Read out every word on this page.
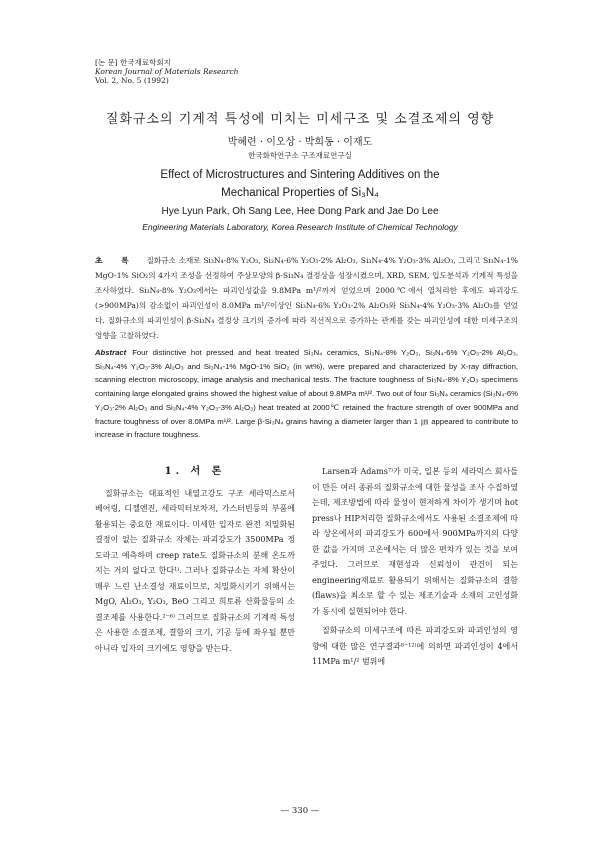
[논 문] 한국재료학회지
Korean Journal of Materials Research
Vol. 2, No. 5 (1992)
질화규소의 기계적 특성에 미치는 미세구조 및 소결조제의 영향
박혜련 · 이오상 · 박희동 · 이재도
한국화학연구소 구조재료연구실
Effect of Microstructures and Sintering Additives on the
Mechanical Properties of Si₃N₄
Hye Lyun Park, Oh Sang Lee, Hee Dong Park and Jae Do Lee
Engineering Materials Laboratory, Korea Research Institute of Chemical Technology
초 록 질화규소 소재로 Si₃N₄-8% Y₂O₃, Si₃N₄-6% Y₂O₃-2% Al₂O₃, Si₃N₄-4% Y₂O₃-3% Al₂O₃, 그리고 Si₃N₄-1% MgO-1% SiO₂의 4가지 조성을 선정하여 주상모양의 β-Si₃N₄ 결정상을 성장시켰으며, XRD, SEM, 입도분석과 기계적 특성을 조사하였다. Si₃N₄-8% Y₂O₃에서는 파괴인성값을 9.8MPa m¹/²까지 얻었으며 2000℃에서 열처리한 후에도 파괴강도(>900MPa)의 감소없이 파괴인성이 8.0MPa m¹/²이상인 Si₃N₄-6% Y₂O₃-2% Al₂O₃와 Si₃N₄-4% Y₂O₃-3% Al₂O₃를 얻었다. 질화규소의 파괴인성이 β-Si₃N₄ 결정상 크기의 증가에 따라 직선적으로 증가하는 관계를 갖는 파괴인성에 대한 미세구조의 영향을 고찰하였다.
Abstract Four distinctive hot pressed and heat treated Si₃N₄ ceramics, Si₃N₄-8% Y₂O₃, Si₃N₄-6% Y₂O₃-2% Al₂O₃, Si₃N₄-4% Y₂O₃-3% Al₂O₃ and Si₃N₄-1% MgO-1% SiO₂ (in wt%), were prepared and characterized by X-ray diffraction, scanning electron microscopy, image analysis and mechanical tests. The fracture toughness of Si₃N₄-8% Y₂O₃ specimens containing large elongated grains showed the highest value of about 9.8MPa m¹/². Two out of four Si₃N₄ ceramics (Si₃N₄-6% Y₂O₃-2% Al₂O₃ and Si₃N₄-4% Y₂O₃-3% Al₂O₃) heat treated at 2000℃ retained the fracture strength of over 900MPa and fracture toughness of over 8.0MPa m¹/². Large β-Si₃N₄ grains having a diameter larger than 1 ㎛ appeared to contribute to increase in fracture toughness.
1. 서 론

질화규소는 대표적인 내열고강도 구조 세라믹스로서 베어링, 디젤엔진, 세라믹터보차저, 가스터빈등의 부품에 활용되는 중요한 재료이다. 미세한 입자로 완전 치밀화된 결정이 없는 질화규소 자체는 파괴강도가 3500MPa 정도라고 예측하며 creep rate도 질화규소의 분해 온도까지는 거의 없다고 한다¹⁾. 그러나 질화규소는 자체 확산이 매우 느린 난소결성 재료이므로, 치밀화시키기 위해서는 MgO, Al₂O₃, Y₂O₃, BeO 그리고 희토류 산화물등의 소결조제를 사용한다.²⁻⁶⁾ 그러므로 질화규소의 기계적 특성은 사용한 소결조제, 결함의 크기, 기공 등에 좌우될 뿐만 아니라 입자의 크기에도 영향을 받는다.

Larsen과 Adams⁷⁾가 미국, 일본 등의 세라믹스 회사들이 만든 여러 종류의 질화규소에 대한 물성을 조사 수집하였는데, 제조방법에 따라 물성이 현저하게 차이가 생기며 hot press나 HIP처리한 질화규소에서도 사용된 소결조제에 따라 상온에서의 파괴강도가 600에서 900MPa까지의 다양한 값을 가지며 고온에서는 더 많은 편차가 있는 것을 보여주었다. 그러므로 재현성과 신뢰성이 관건이 되는 engineering재료로 활용되기 위해서는 질화규소의 결함(flaws)을 최소로 할 수 있는 제조기술과 소재의 고인성화가 동시에 실현되어야 한다.

질화규소의 미세구조에 따른 파괴강도와 파괴인성의 영향에 대한 많은 연구결과⁸⁻¹²⁾에 의하면 파괴인성이 4에서 11MPa m¹/² 범위에

— 330 —
